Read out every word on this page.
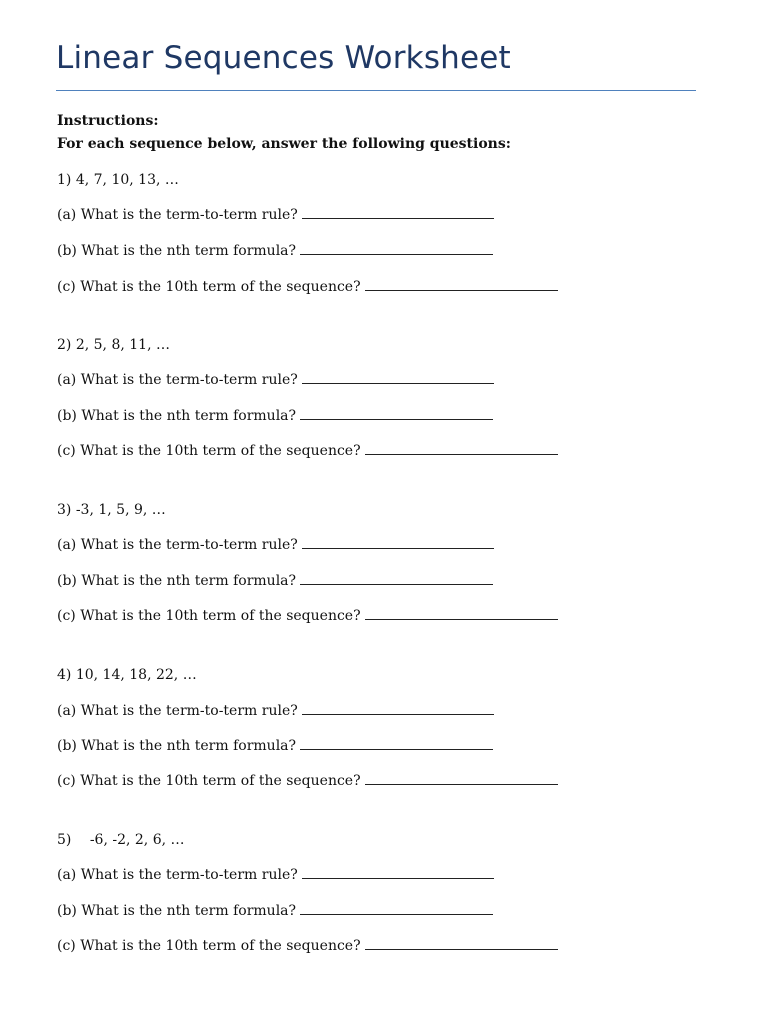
Linear Sequences Worksheet
Instructions:
For each sequence below, answer the following questions:
1) 4, 7, 10, 13, …
(a) What is the term-to-term rule?
(b) What is the nth term formula?
(c) What is the 10th term of the sequence?
2) 2, 5, 8, 11, …
(a) What is the term-to-term rule?
(b) What is the nth term formula?
(c) What is the 10th term of the sequence?
3) -3, 1, 5, 9, …
(a) What is the term-to-term rule?
(b) What is the nth term formula?
(c) What is the 10th term of the sequence?
4) 10, 14, 18, 22, …
(a) What is the term-to-term rule?
(b) What is the nth term formula?
(c) What is the 10th term of the sequence?
5) -6, -2, 2, 6, …
(a) What is the term-to-term rule?
(b) What is the nth term formula?
(c) What is the 10th term of the sequence?
